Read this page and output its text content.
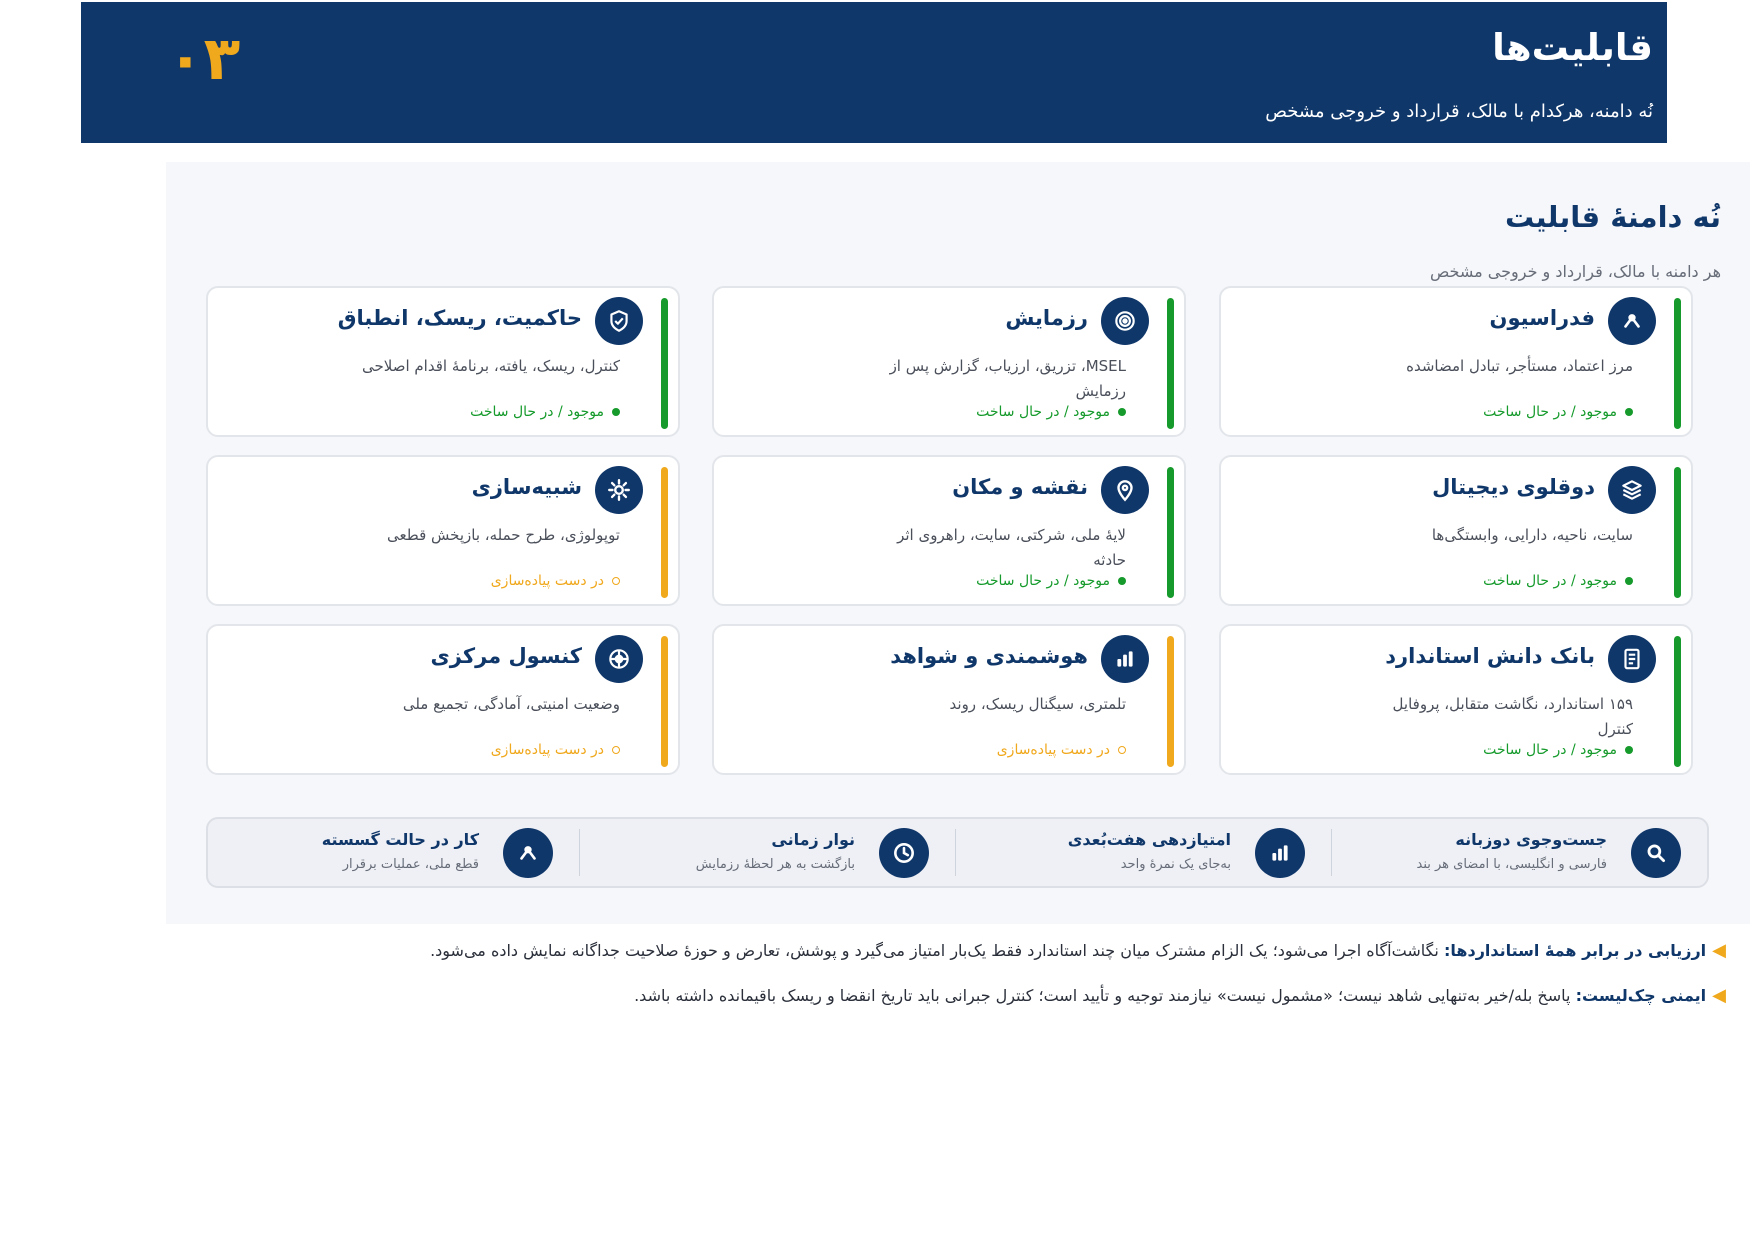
قابلیت‌ها
نُه دامنه، هرکدام با مالک، قرارداد و خروجی مشخص
۰۳
نُه دامنهٔ قابلیت
هر دامنه با مالک، قرارداد و خروجی مشخص
فدراسیون
مرز اعتماد، مستأجر، تبادل امضاشده
موجود / در حال ساخت
رزمایش
MSEL، تزریق، ارزیاب، گزارش پس از رزمایش
موجود / در حال ساخت
حاکمیت، ریسک، انطباق
کنترل، ریسک، یافته، برنامهٔ اقدام اصلاحی
موجود / در حال ساخت
دوقلوی دیجیتال
سایت، ناحیه، دارایی، وابستگی‌ها
موجود / در حال ساخت
نقشه و مکان
لایهٔ ملی، شرکتی، سایت، راهروی اثر حادثه
موجود / در حال ساخت
شبیه‌سازی
توپولوژی، طرح حمله، بازپخش قطعی
در دست پیاده‌سازی
بانک دانش استاندارد
۱۵۹ استاندارد، نگاشت متقابل، پروفایل کنترل
موجود / در حال ساخت
هوشمندی و شواهد
تلمتری، سیگنال ریسک، روند
در دست پیاده‌سازی
کنسول مرکزی
وضعیت امنیتی، آمادگی، تجمیع ملی
در دست پیاده‌سازی
جست‌وجوی دوزبانه
فارسی و انگلیسی، با امضای هر بند
امتیازدهی هفت‌بُعدی
به‌جای یک نمرهٔ واحد
نوار زمانی
بازگشت به هر لحظهٔ رزمایش
کار در حالت گسسته
قطع ملی، عملیات برقرار
◀
ارزیابی در برابر همهٔ استانداردها: نگاشت‌آگاه اجرا می‌شود؛ یک الزام مشترک میان چند استاندارد فقط یک‌بار امتیاز می‌گیرد و پوشش، تعارض و حوزهٔ صلاحیت جداگانه نمایش داده می‌شود.
◀
ایمنی چک‌لیست: پاسخ بله/خیر به‌تنهایی شاهد نیست؛ «مشمول نیست» نیازمند توجیه و تأیید است؛ کنترل جبرانی باید تاریخ انقضا و ریسک باقیمانده داشته باشد.
